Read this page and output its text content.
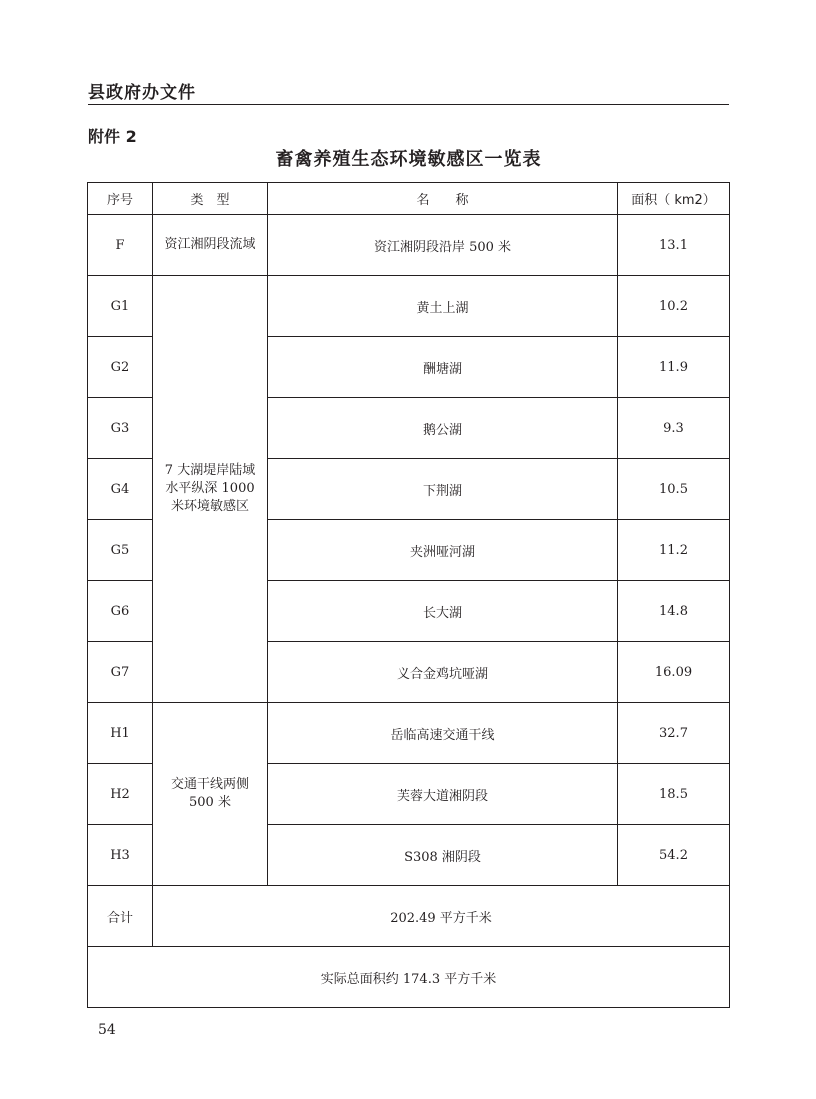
县政府办文件
附件 2
畜禽养殖生态环境敏感区一览表
序号	类　型	名　　称	面积（ km2）
F	资江湘阴段流域	资江湘阴段沿岸 500 米	13.1
G1	7 大湖堤岸陆域
水平纵深 1000
米环境敏感区	黄土上湖	10.2
G2		酬塘湖	11.9
G3		鹅公湖	9.3
G4		下荆湖	10.5
G5		夹洲哑河湖	11.2
G6		长大湖	14.8
G7		义合金鸡坑哑湖	16.09
H1	交通干线两侧
500 米	岳临高速交通干线	32.7
H2		芙蓉大道湘阴段	18.5
H3		S308 湘阴段	54.2
合计	202.49 平方千米		
实际总面积约 174.3 平方千米			
54
